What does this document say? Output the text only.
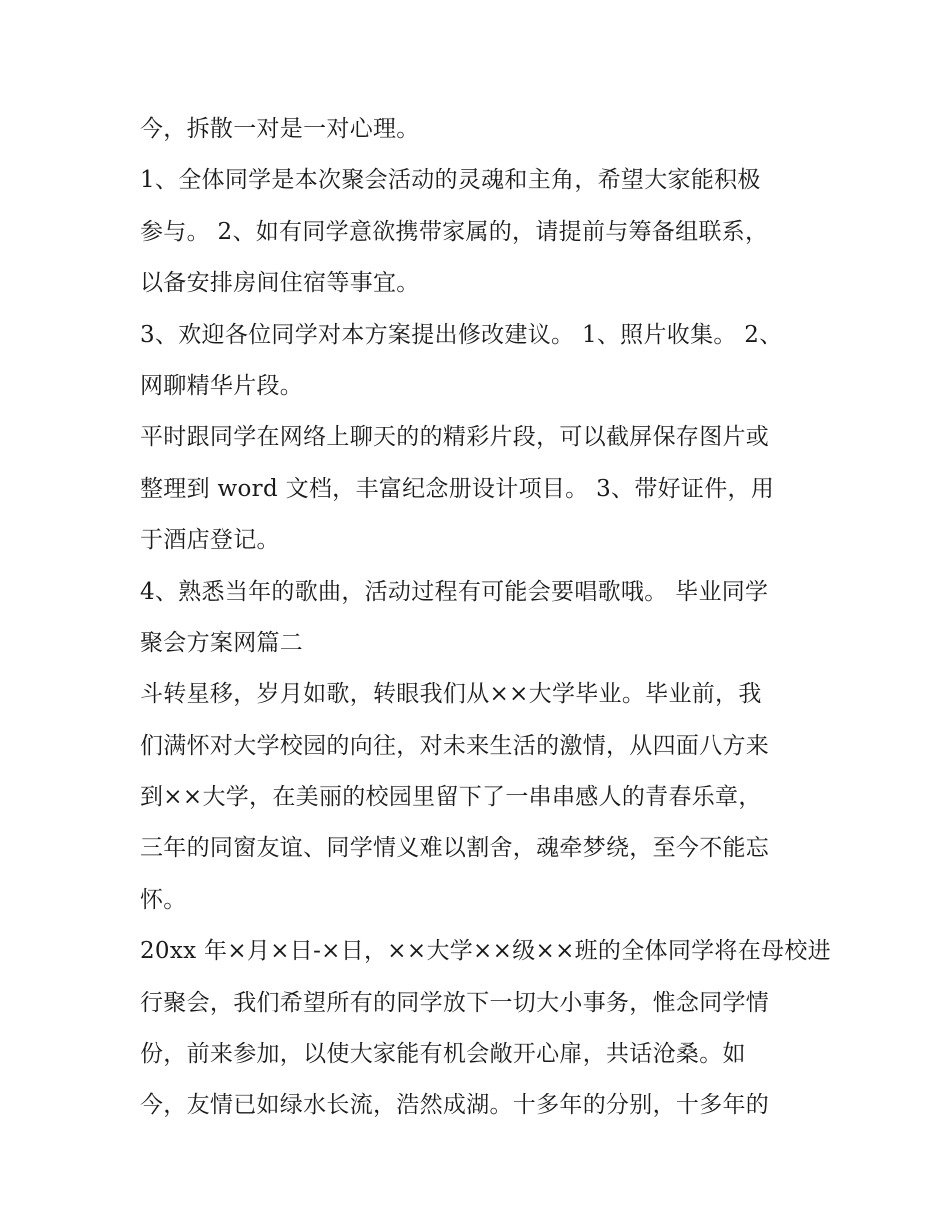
今，拆散一对是一对心理。
1、全体同学是本次聚会活动的灵魂和主角，希望大家能积极
参与。 2、如有同学意欲携带家属的，请提前与筹备组联系，
以备安排房间住宿等事宜。
3、欢迎各位同学对本方案提出修改建议。 1、照片收集。 2、
网聊精华片段。
平时跟同学在网络上聊天的的精彩片段，可以截屏保存图片或
整理到 word 文档，丰富纪念册设计项目。 3、带好证件，用
于酒店登记。
4、熟悉当年的歌曲，活动过程有可能会要唱歌哦。 毕业同学
聚会方案网篇二
斗转星移，岁月如歌，转眼我们从××大学毕业。毕业前，我
们满怀对大学校园的向往，对未来生活的激情，从四面八方来
到××大学，在美丽的校园里留下了一串串感人的青春乐章，
三年的同窗友谊、同学情义难以割舍，魂牵梦绕，至今不能忘
怀。
20xx 年×月×日-×日，××大学××级××班的全体同学将在母校进
行聚会，我们希望所有的同学放下一切大小事务，惟念同学情
份，前来参加，以使大家能有机会敞开心扉，共话沧桑。如
今，友情已如绿水长流，浩然成湖。十多年的分别，十多年的
